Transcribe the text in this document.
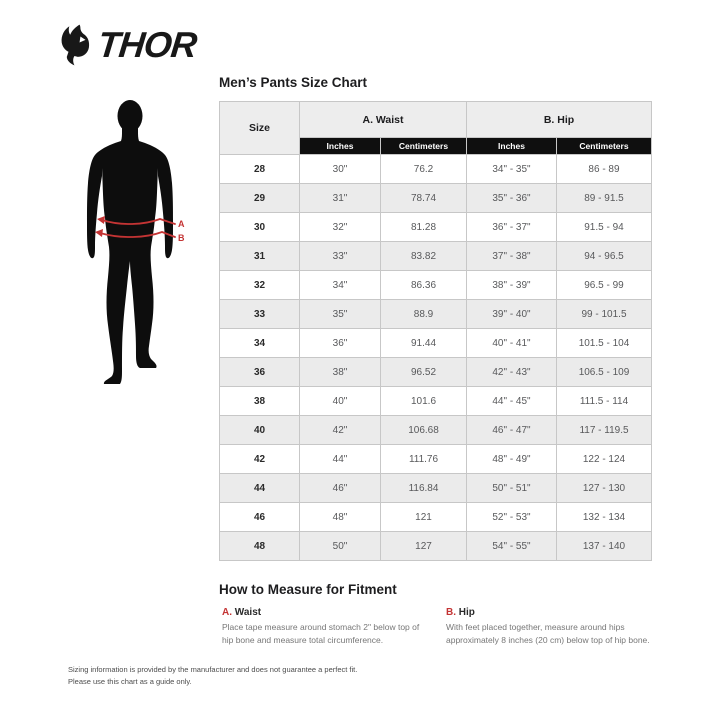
THOR
A
B
Men’s Pants Size Chart
Size	A. Waist		B. Hip	
	Inches	Centimeters	Inches	Centimeters
28	30"	76.2	34" - 35"	86 - 89
29	31"	78.74	35" - 36"	89 - 91.5
30	32"	81.28	36" - 37"	91.5 - 94
31	33"	83.82	37" - 38"	94 - 96.5
32	34"	86.36	38" - 39"	96.5 - 99
33	35"	88.9	39" - 40"	99 - 101.5
34	36"	91.44	40" - 41"	101.5 - 104
36	38"	96.52	42" - 43"	106.5 - 109
38	40"	101.6	44" - 45"	111.5 - 114
40	42"	106.68	46" - 47"	117 - 119.5
42	44"	111.76	48" - 49"	122 - 124
44	46"	116.84	50" - 51"	127 - 130
46	48"	121	52" - 53"	132 - 134
48	50"	127	54" - 55"	137 - 140
How to Measure for Fitment
A. Waist
Place tape measure around stomach 2" below top of hip bone and measure total circumference.
B. Hip
With feet placed together, measure around hips approximately 8 inches (20 cm) below top of hip bone.
Sizing information is provided by the manufacturer and does not guarantee a perfect fit. Please use this chart as a guide only.
